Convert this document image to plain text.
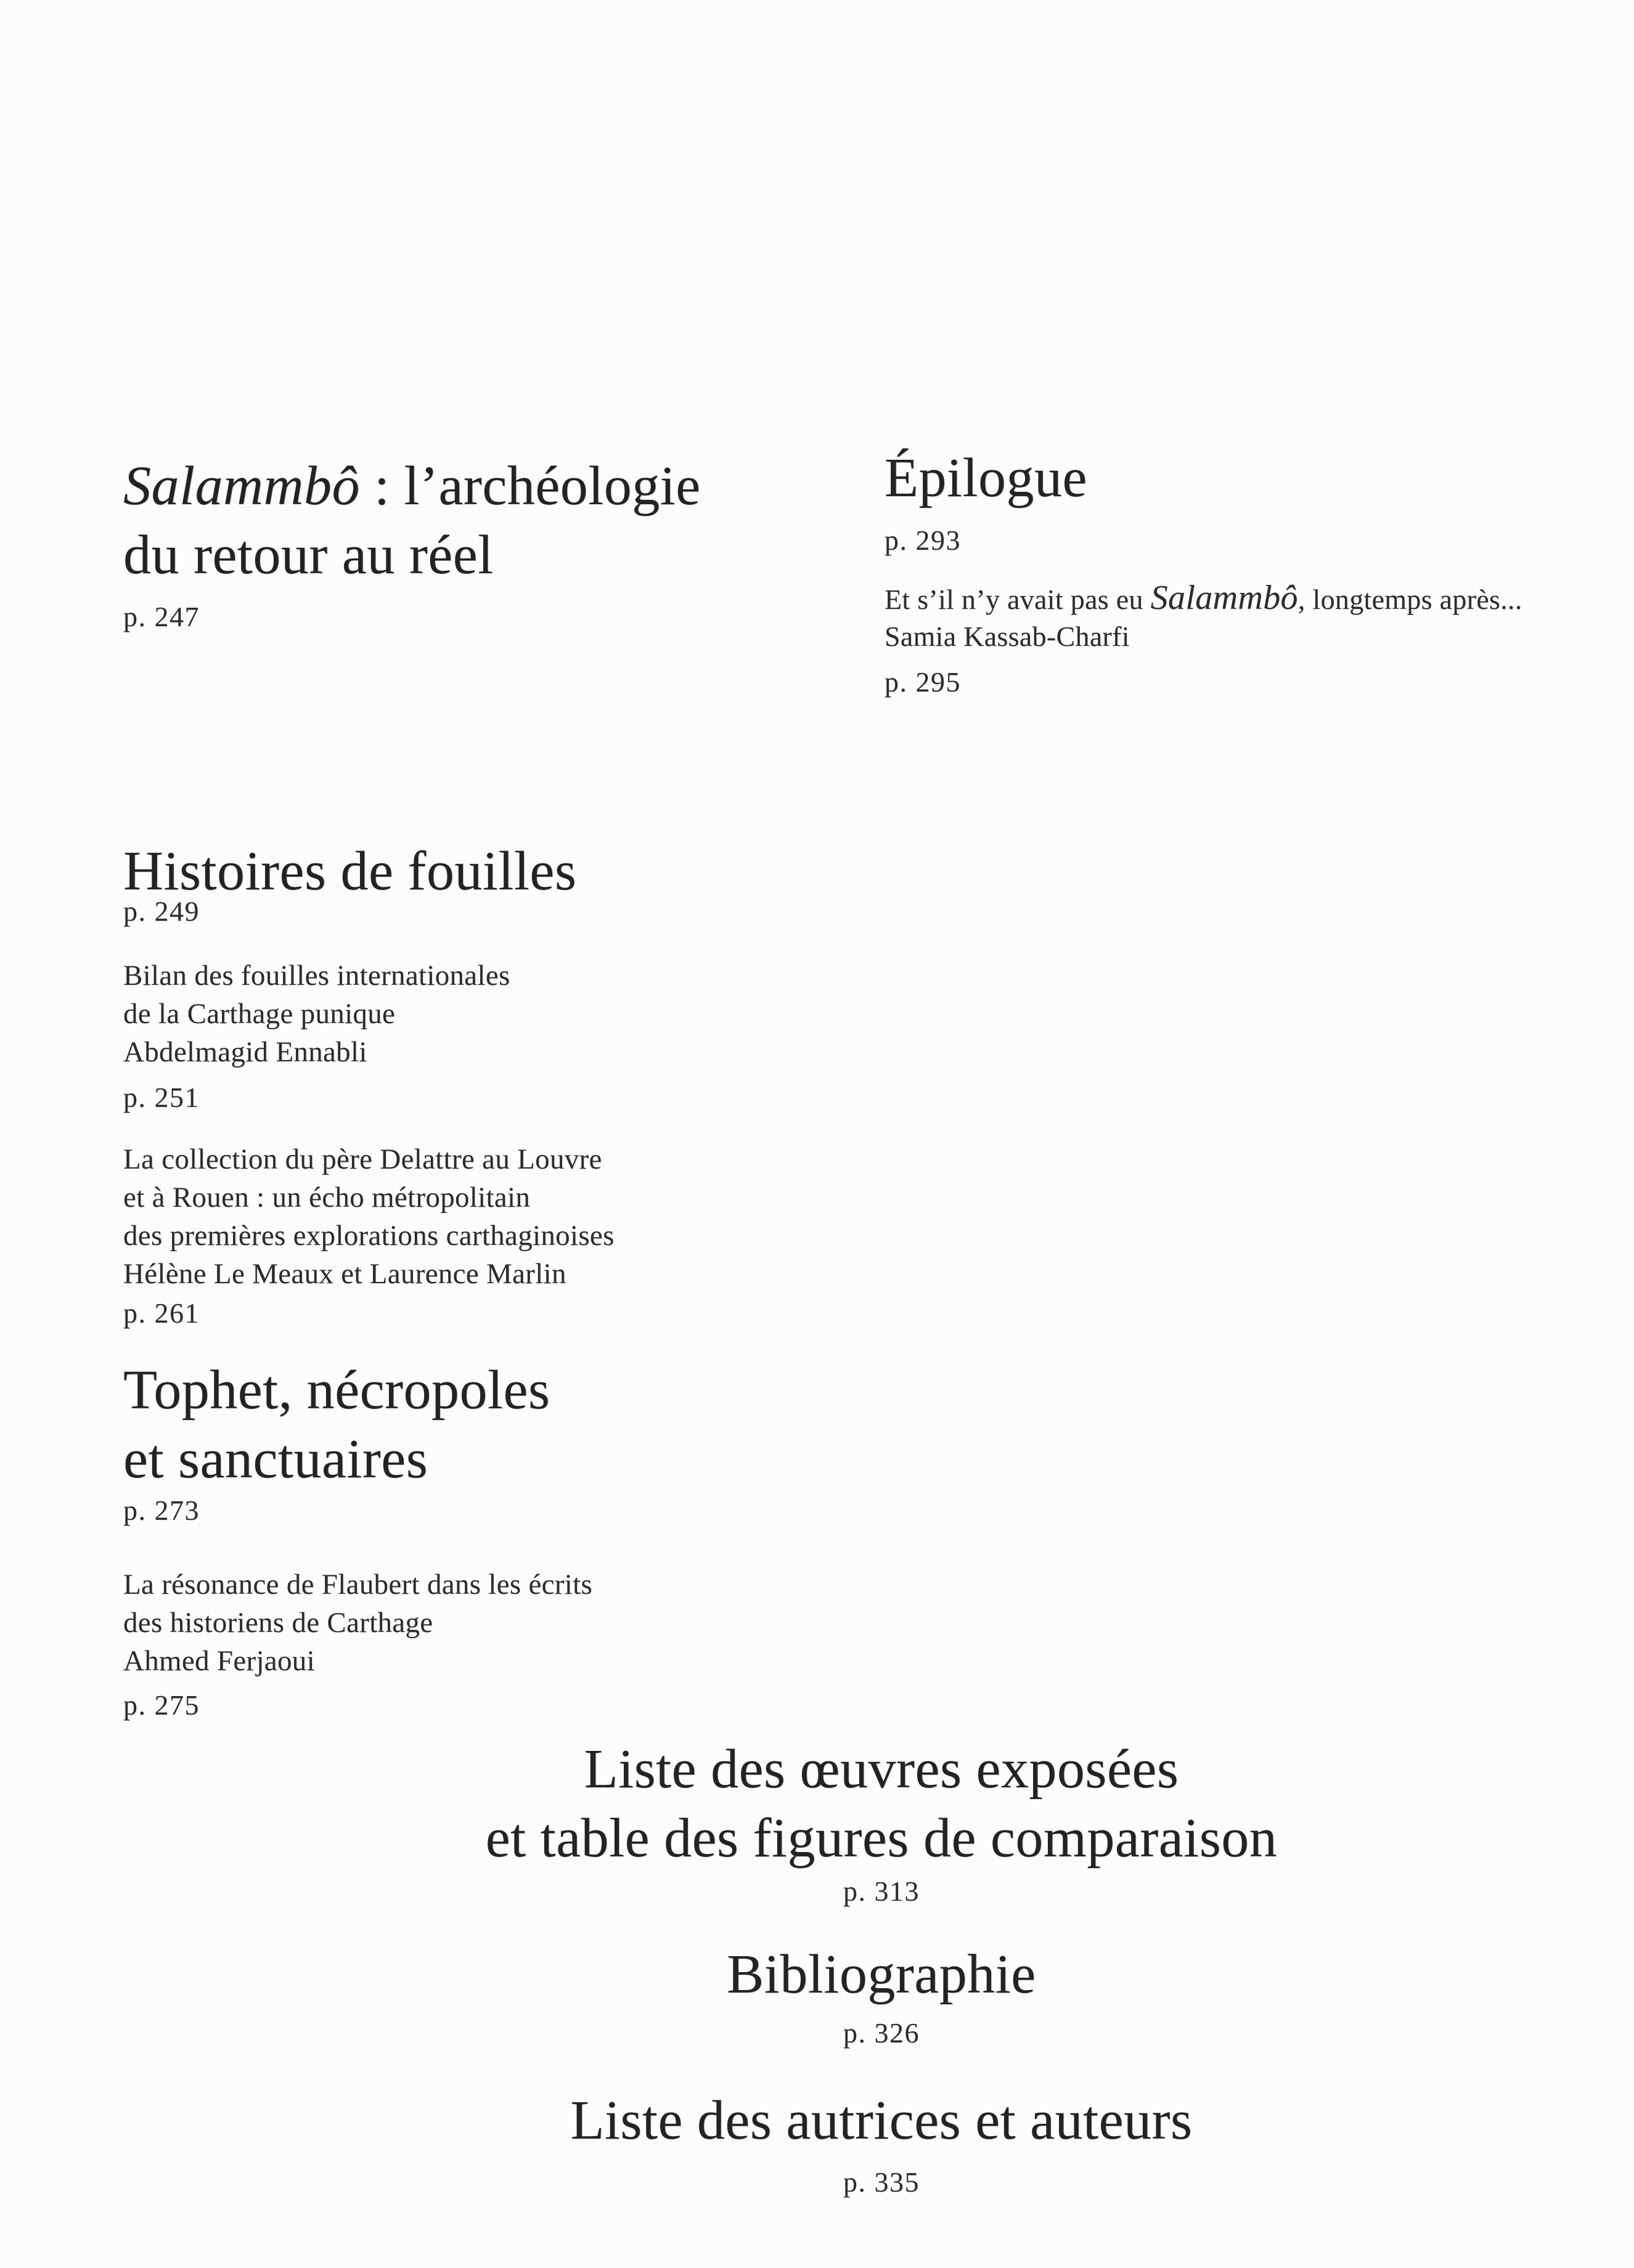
Salammbô : l’archéologie
du retour au réel
p. 247
Histoires de fouilles
p. 249
Bilan des fouilles internationales
de la Carthage punique
Abdelmagid Ennabli
p. 251
La collection du père Delattre au Louvre
et à Rouen : un écho métropolitain
des premières explorations carthaginoises
Hélène Le Meaux et Laurence Marlin
p. 261
Tophet, nécropoles
et sanctuaires
p. 273
La résonance de Flaubert dans les écrits
des historiens de Carthage
Ahmed Ferjaoui
p. 275
Épilogue
p. 293
Et s’il n’y avait pas eu Salammbô, longtemps après...
Samia Kassab-Charfi
p. 295
Liste des œuvres exposées
et table des figures de comparaison
p. 313
Bibliographie
p. 326
Liste des autrices et auteurs
p. 335
